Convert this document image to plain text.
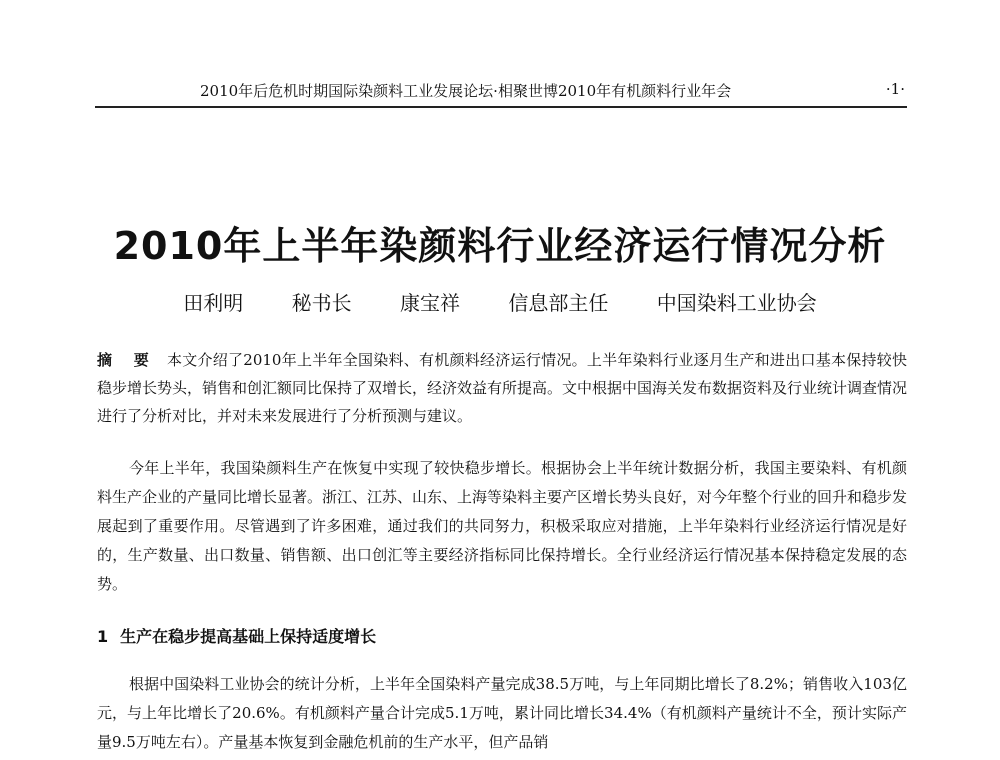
2010年后危机时期国际染颜料工业发展论坛·相聚世博2010年有机颜料行业年会	·1·
2010年上半年染颜料行业经济运行情况分析
田利明 秘书长 康宝祥 信息部主任 中国染料工业协会
摘 要 本文介绍了2010年上半年全国染料、有机颜料经济运行情况。上半年染料行业逐月生产和进出口基本保持较快稳步增长势头，销售和创汇额同比保持了双增长，经济效益有所提高。文中根据中国海关发布数据资料及行业统计调查情况进行了分析对比，并对未来发展进行了分析预测与建议。
今年上半年，我国染颜料生产在恢复中实现了较快稳步增长。根据协会上半年统计数据分析，我国主要染料、有机颜料生产企业的产量同比增长显著。浙江、江苏、山东、上海等染料主要产区增长势头良好，对今年整个行业的回升和稳步发展起到了重要作用。尽管遇到了许多困难，通过我们的共同努力，积极采取应对措施，上半年染料行业经济运行情况是好的，生产数量、出口数量、销售额、出口创汇等主要经济指标同比保持增长。全行业经济运行情况基本保持稳定发展的态势。
1 生产在稳步提高基础上保持适度增长
根据中国染料工业协会的统计分析，上半年全国染料产量完成38.5万吨，与上年同期比增长了8.2%；销售收入103亿元，与上年比增长了20.6%。有机颜料产量合计完成5.1万吨，累计同比增长34.4%（有机颜料产量统计不全，预计实际产量9.5万吨左右）。产量基本恢复到金融危机前的生产水平，但产品销
